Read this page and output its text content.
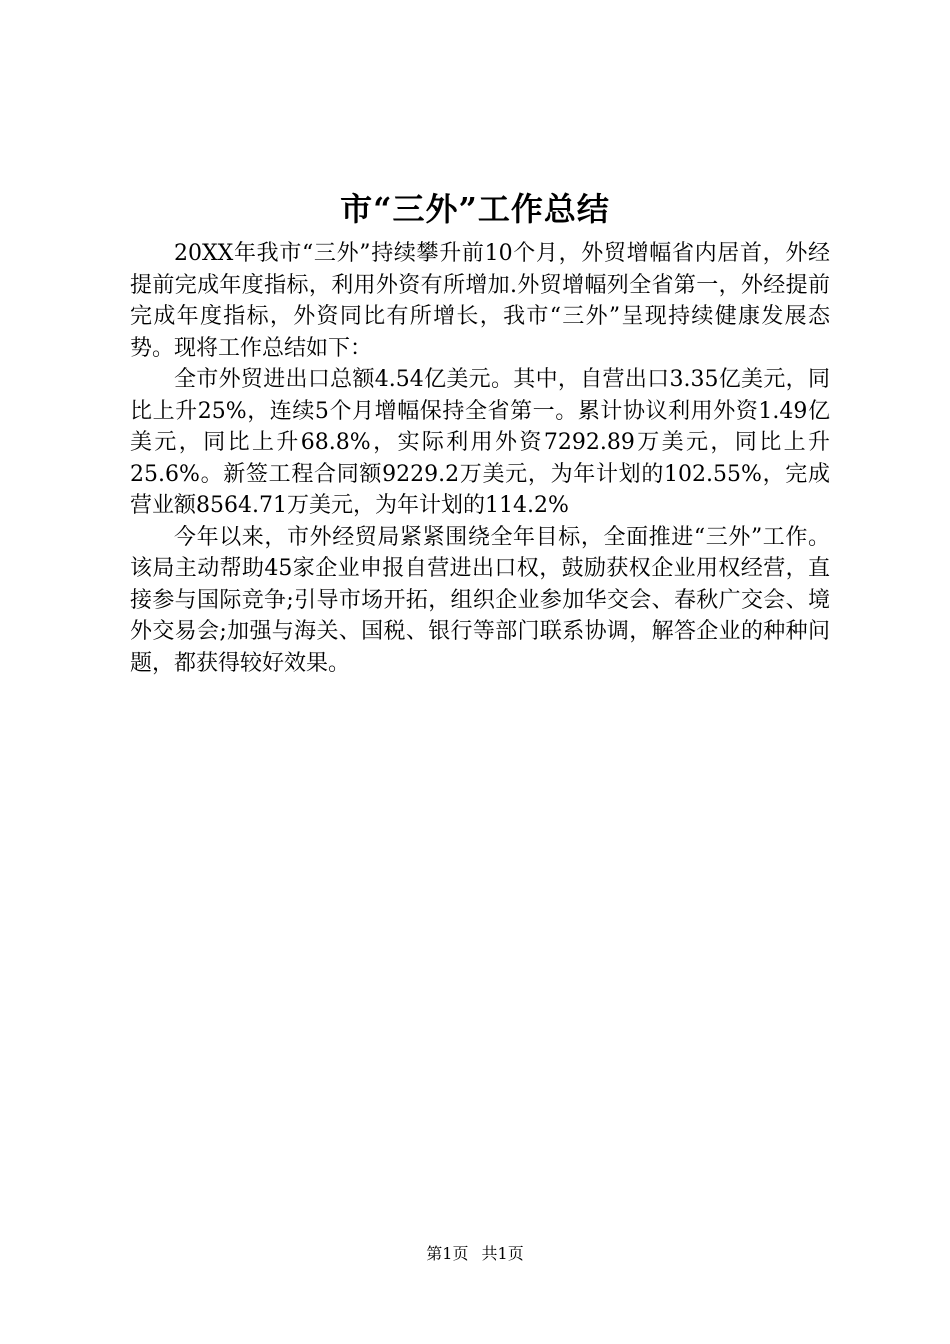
市“三外”工作总结

20XX年我市“三外”持续攀升前10个月，外贸增幅省内居首，外经提前完成年度指标，利用外资有所增加.外贸增幅列全省第一，外经提前完成年度指标，外资同比有所增长，我市“三外”呈现持续健康发展态势。现将工作总结如下：

全市外贸进出口总额4.54亿美元。其中，自营出口3.35亿美元，同比上升25%，连续5个月增幅保持全省第一。累计协议利用外资1.49亿美元，同比上升68.8%，实际利用外资7292.89万美元，同比上升25.6%。新签工程合同额9229.2万美元，为年计划的102.55%，完成营业额8564.71万美元，为年计划的114.2%

今年以来，市外经贸局紧紧围绕全年目标，全面推进“三外”工作。该局主动帮助45家企业申报自营进出口权，鼓励获权企业用权经营，直接参与国际竞争;引导市场开拓，组织企业参加华交会、春秋广交会、境外交易会;加强与海关、国税、银行等部门联系协调，解答企业的种种问题，都获得较好效果。

第1页 共1页
